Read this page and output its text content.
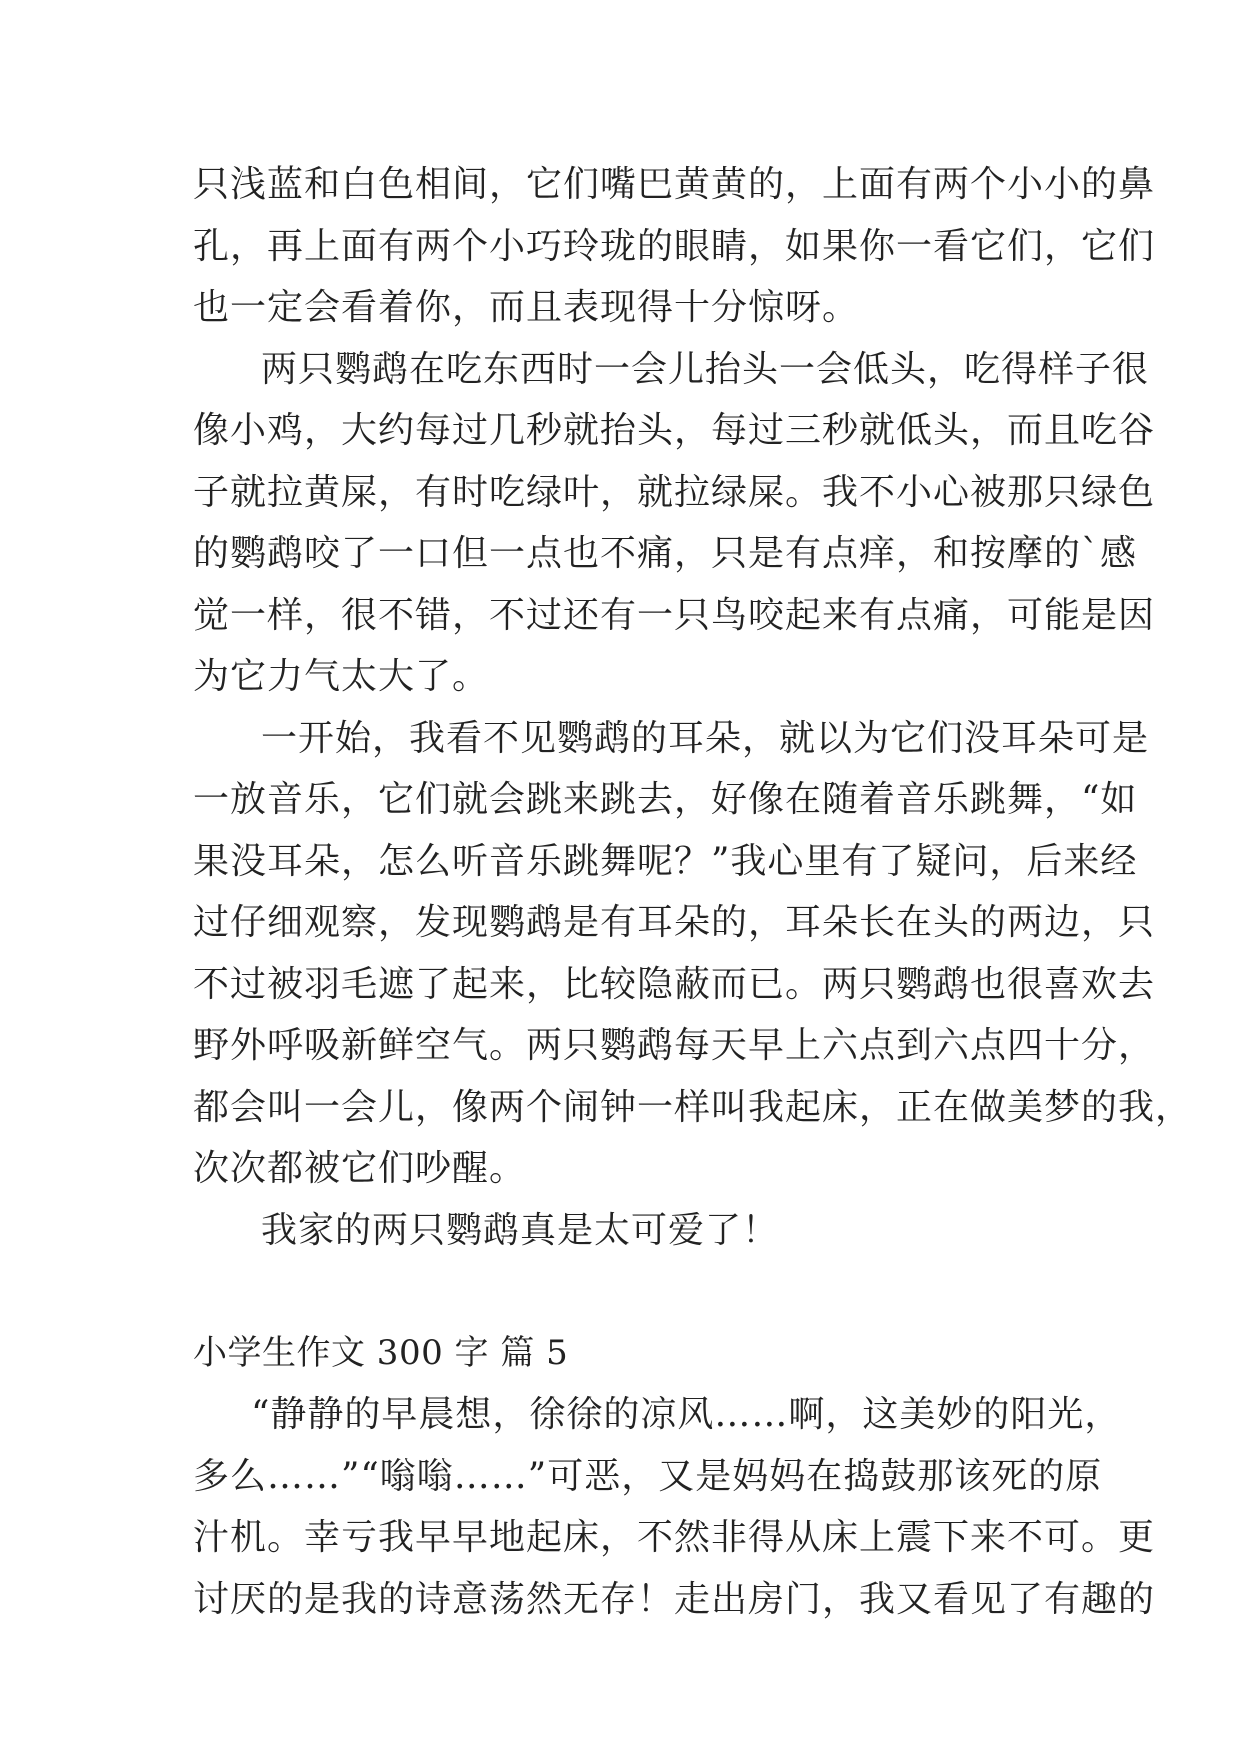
只浅蓝和白色相间，它们嘴巴黄黄的，上面有两个小小的鼻
孔，再上面有两个小巧玲珑的眼睛，如果你一看它们，它们
也一定会看着你，而且表现得十分惊呀。
两只鹦鹉在吃东西时一会儿抬头一会低头，吃得样子很
像小鸡，大约每过几秒就抬头，每过三秒就低头，而且吃谷
子就拉黄屎，有时吃绿叶，就拉绿屎。我不小心被那只绿色
的鹦鹉咬了一口但一点也不痛，只是有点痒，和按摩的`感
觉一样，很不错，不过还有一只鸟咬起来有点痛，可能是因
为它力气太大了。
一开始，我看不见鹦鹉的耳朵，就以为它们没耳朵可是
一放音乐，它们就会跳来跳去，好像在随着音乐跳舞，“如
果没耳朵，怎么听音乐跳舞呢？”我心里有了疑问，后来经
过仔细观察，发现鹦鹉是有耳朵的，耳朵长在头的两边，只
不过被羽毛遮了起来，比较隐蔽而已。两只鹦鹉也很喜欢去
野外呼吸新鲜空气。两只鹦鹉每天早上六点到六点四十分，
都会叫一会儿，像两个闹钟一样叫我起床，正在做美梦的我，
次次都被它们吵醒。
我家的两只鹦鹉真是太可爱了！
小学生作文 300 字 篇 5
“静静的早晨想，徐徐的凉风……啊，这美妙的阳光，
多么……”“嗡嗡……”可恶，又是妈妈在捣鼓那该死的原
汁机。幸亏我早早地起床，不然非得从床上震下来不可。更
讨厌的是我的诗意荡然无存！走出房门，我又看见了有趣的
